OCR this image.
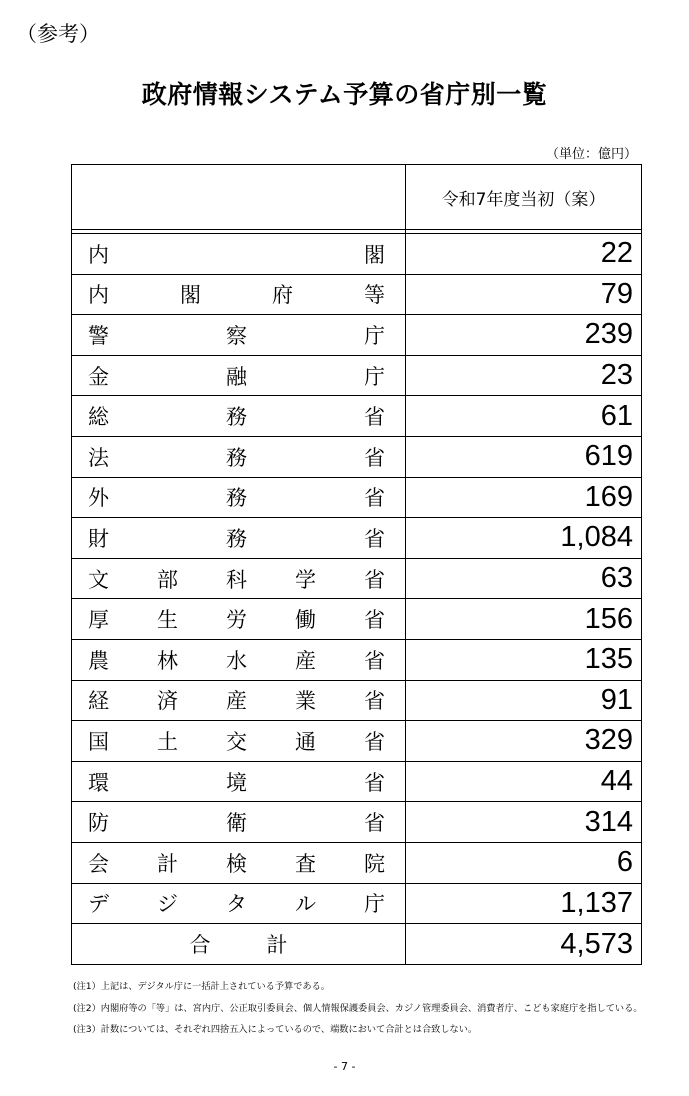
（参考）
政府情報システム予算の省庁別一覧
（単位：億円）
	令和7年度当初（案）

内 閣	22

内 閣 府 等	79

警 察 庁	239

金 融 庁	23

総 務 省	61

法 務 省	619

外 務 省	169

財 務 省	1,084

文 部 科 学 省	63

厚 生 労 働 省	156

農 林 水 産 省	135

経 済 産 業 省	91

国 土 交 通 省	329

環 境 省	44

防 衛 省	314

会 計 検 査 院	6

デ ジ タ ル 庁	1,137

合 計	4,573
(注1）上記は、デジタル庁に一括計上されている予算である。
(注2）内閣府等の「等」は、宮内庁、公正取引委員会、個人情報保護委員会、カジノ管理委員会、消費者庁、こども家庭庁を指している。
(注3）計数については、それぞれ四捨五入によっているので、端数において合計とは合致しない。
- 7 -
